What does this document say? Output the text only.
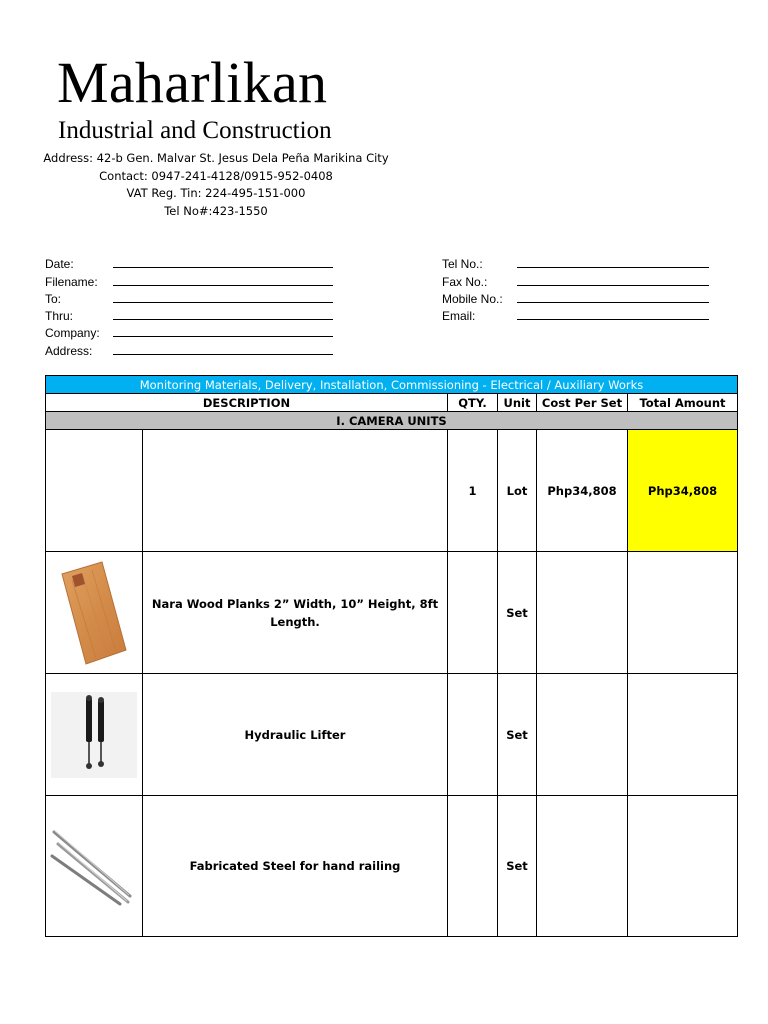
Maharlikan
Industrial and Construction
Address: 42-b Gen. Malvar St. Jesus Dela Peña Marikina City
Contact: 0947-241-4128/0915-952-0408
VAT Reg. Tin: 224-495-151-000
Tel No#:423-1550
Date:
Filename:
To:
Thru:
Company:
Address:
Tel No.:
Fax No.:
Mobile No.:
Email:
Monitoring Materials, Delivery, Installation, Commissioning - Electrical / Auxiliary Works					
DESCRIPTION		QTY.	Unit	Cost Per Set	Total Amount
I. CAMERA UNITS					
		1	Lot	Php34,808	Php34,808

	Nara Wood Planks 2” Width, 10” Height, 8ft Length.		Set		

	Hydraulic Lifter		Set		

	Fabricated Steel for hand railing		Set		
